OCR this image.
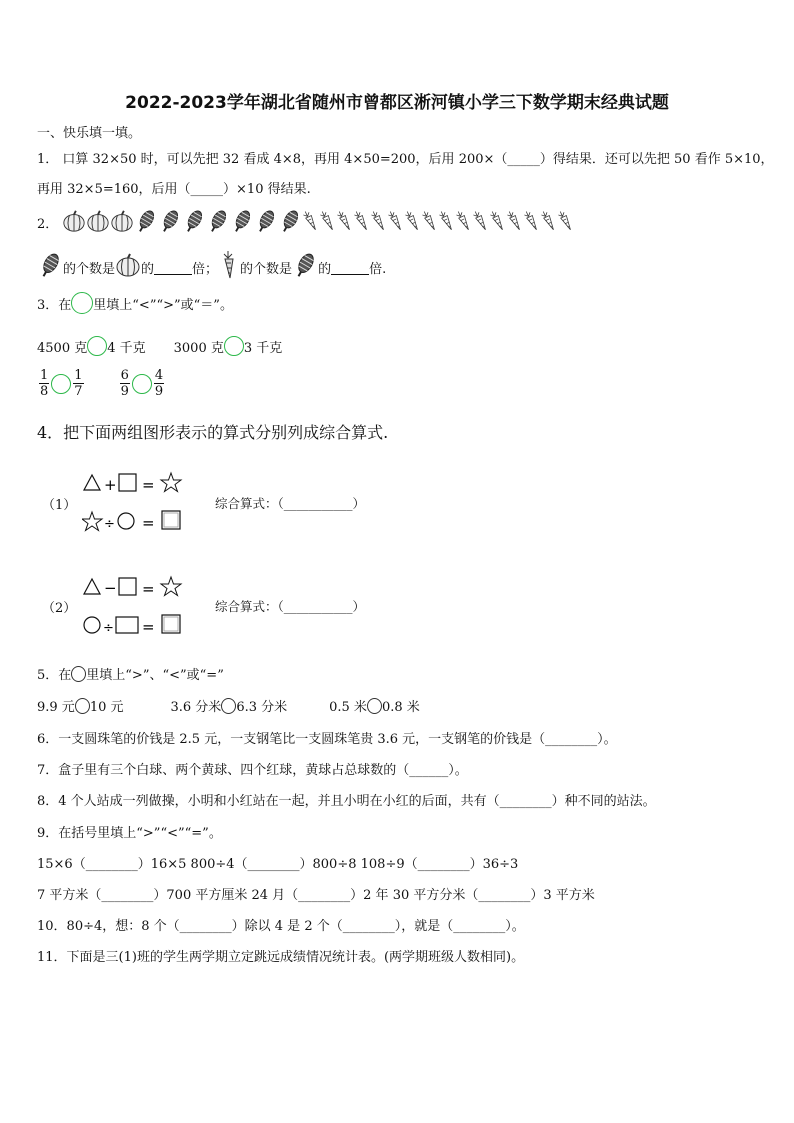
2022-2023学年湖北省随州市曾都区淅河镇小学三下数学期末经典试题
一、快乐填一填。
1． 口算 32×50 时，可以先把 32 看成 4×8，再用 4×50=200，后用 200×（_____）得结果．还可以先把 50 看作 5×10，
再用 32×5=160，后用（_____）×10 得结果.
2．
的个数是 的	倍； 的个数是 的	倍.
3．在 里填上“<”“>”或“＝”。
4500 克 4 千克 3000 克 3 千克
$\frac{1}{8} \frac{1}{7}$	$\frac{6}{9} \frac{4}{9}$
4．把下面两组图形表示的算式分别列成综合算式.
（1）
+ =
÷ =
综合算式：（___________）
（2）
− =
÷ =
综合算式：（___________）
5．在 里填上“>”、“<”或“=”
9.9 元 10 元	3.6 分米 6.3 分米	0.5 米 0.8 米
6．一支圆珠笔的价钱是 2.5 元，一支钢笔比一支圆珠笔贵 3.6 元，一支钢笔的价钱是（________）。
7．盒子里有三个白球、两个黄球、四个红球，黄球占总球数的（______）。
8．4 个人站成一列做操，小明和小红站在一起，并且小明在小红的后面，共有（________）种不同的站法。
9．在括号里填上“>”“<”“=”。
15×6（________）16×5 800÷4（________）800÷8 108÷9（________）36÷3
7 平方米（________）700 平方厘米 24 月（________）2 年 30 平方分米（________）3 平方米
10．80÷4，想：8 个（________）除以 4 是 2 个（________），就是（________）。
11．下面是三(1)班的学生两学期立定跳远成绩情况统计表。(两学期班级人数相同)。
